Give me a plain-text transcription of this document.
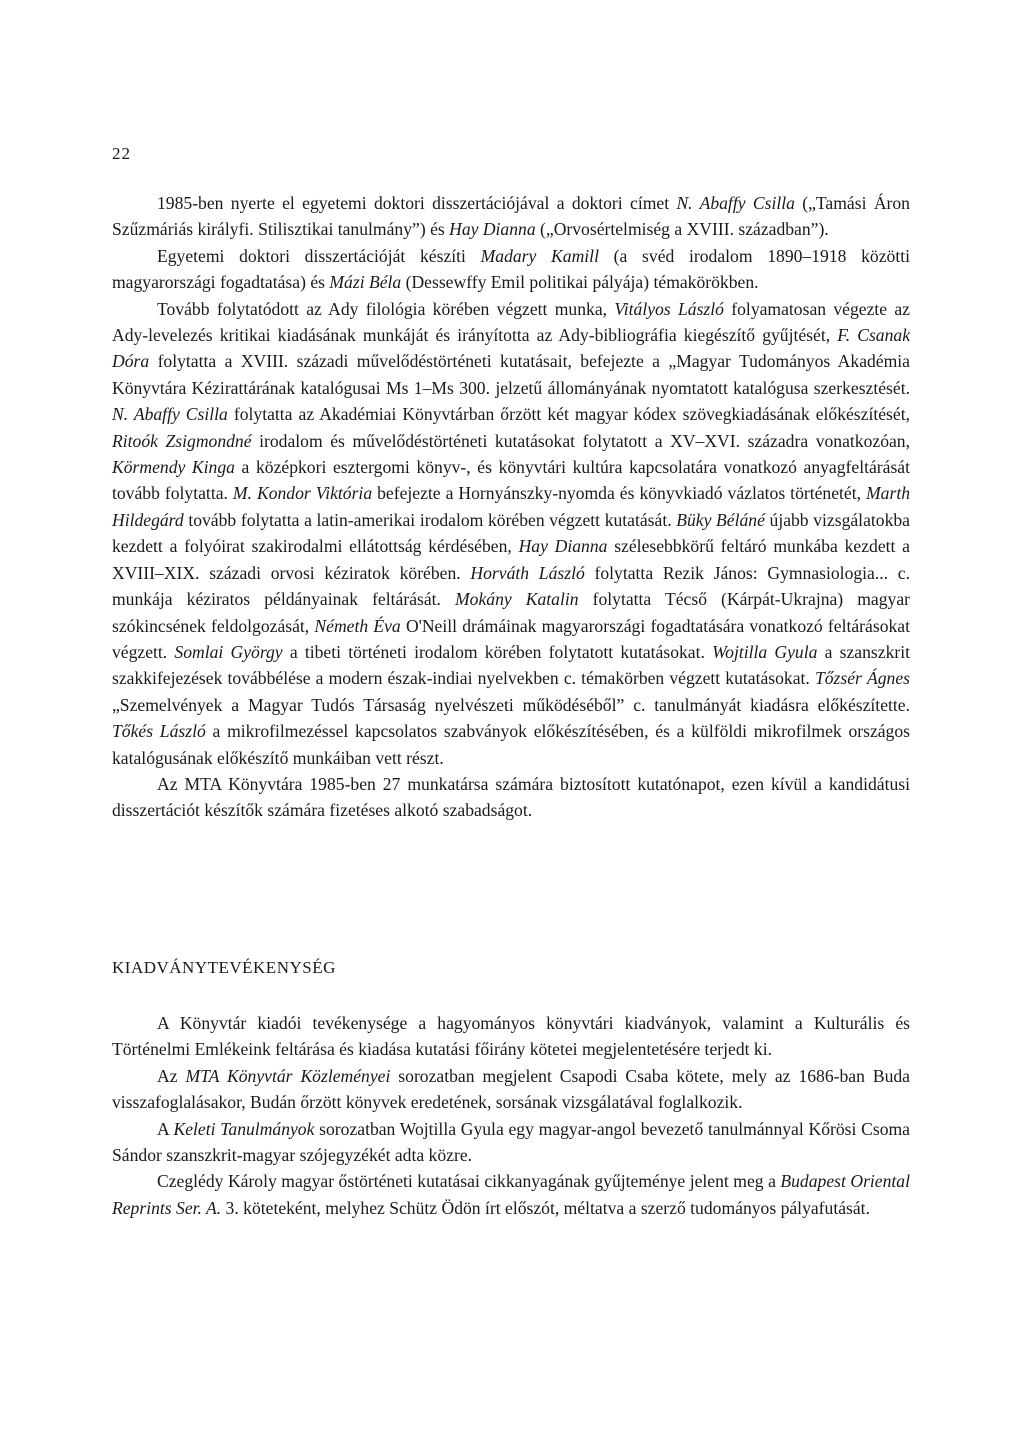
22

1985-ben nyerte el egyetemi doktori disszertációjával a doktori címet N. Abaffy Csilla („Tamási Áron Szűzmáriás királyfi. Stilisztikai tanulmány”) és Hay Dianna („Orvosértelmiség a XVIII. században”).

Egyetemi doktori disszertációját készíti Madary Kamill (a svéd irodalom 1890–1918 közötti magyarországi fogadtatása) és Mázi Béla (Dessewffy Emil politikai pályája) témakörökben.

Tovább folytatódott az Ady filológia körében végzett munka, Vitályos László folyamatosan végezte az Ady-levelezés kritikai kiadásának munkáját és irányította az Ady-bibliográfia kiegészítő gyűjtését, F. Csanak Dóra folytatta a XVIII. századi művelődéstörténeti kutatásait, befejezte a „Magyar Tudományos Akadémia Könyvtára Kézirattárának katalógusai Ms 1–Ms 300. jelzetű állományának nyomtatott katalógusa szerkesztését. N. Abaffy Csilla folytatta az Akadémiai Könyvtárban őrzött két magyar kódex szövegkiadásának előkészítését, Ritoók Zsigmondné irodalom és művelődéstörténeti kutatásokat folytatott a XV–XVI. századra vonatkozóan, Körmendy Kinga a középkori esztergomi könyv-, és könyvtári kultúra kapcsolatára vonatkozó anyagfeltárását tovább folytatta. M. Kondor Viktória befejezte a Hornyánszky-nyomda és könyvkiadó vázlatos történetét, Marth Hildegárd tovább folytatta a latin-amerikai irodalom körében végzett kutatását. Büky Béláné újabb vizsgálatokba kezdett a folyóirat szakirodalmi ellátottság kérdésében, Hay Dianna szélesebbkörű feltáró munkába kezdett a XVIII–XIX. századi orvosi kéziratok körében. Horváth László folytatta Rezik János: Gymnasiologia... c. munkája kéziratos példányainak feltárását. Mokány Katalin folytatta Técső (Kárpát-Ukrajna) magyar szókincsének feldolgozását, Németh Éva O'Neill drámáinak magyarországi fogadtatására vonatkozó feltárásokat végzett. Somlai György a tibeti történeti irodalom körében folytatott kutatásokat. Wojtilla Gyula a szanszkrit szakkifejezések továbbélése a modern észak-indiai nyelvekben c. témakörben végzett kutatásokat. Tőzsér Ágnes „Szemelvények a Magyar Tudós Társaság nyelvészeti működéséből” c. tanulmányát kiadásra előkészítette. Tőkés László a mikrofilmezéssel kapcsolatos szabványok előkészítésében, és a külföldi mikrofilmek országos katalógusának előkészítő munkáiban vett részt.

Az MTA Könyvtára 1985-ben 27 munkatársa számára biztosított kutatónapot, ezen kívül a kandidátusi disszertációt készítők számára fizetéses alkotó szabadságot.

KIADVÁNYTEVÉKENYSÉG

A Könyvtár kiadói tevékenysége a hagyományos könyvtári kiadványok, valamint a Kulturális és Történelmi Emlékeink feltárása és kiadása kutatási főirány kötetei megjelentetésére terjedt ki.

Az MTA Könyvtár Közleményei sorozatban megjelent Csapodi Csaba kötete, mely az 1686-ban Buda visszafoglalásakor, Budán őrzött könyvek eredetének, sorsának vizsgálatával foglalkozik.

A Keleti Tanulmányok sorozatban Wojtilla Gyula egy magyar-angol bevezető tanulmánnyal Kőrösi Csoma Sándor szanszkrit-magyar szójegyzékét adta közre.

Czeglédy Károly magyar őstörténeti kutatásai cikkanyagának gyűjteménye jelent meg a Budapest Oriental Reprints Ser. A. 3. köteteként, melyhez Schütz Ödön írt előszót, méltatva a szerző tudományos pályafutását.
